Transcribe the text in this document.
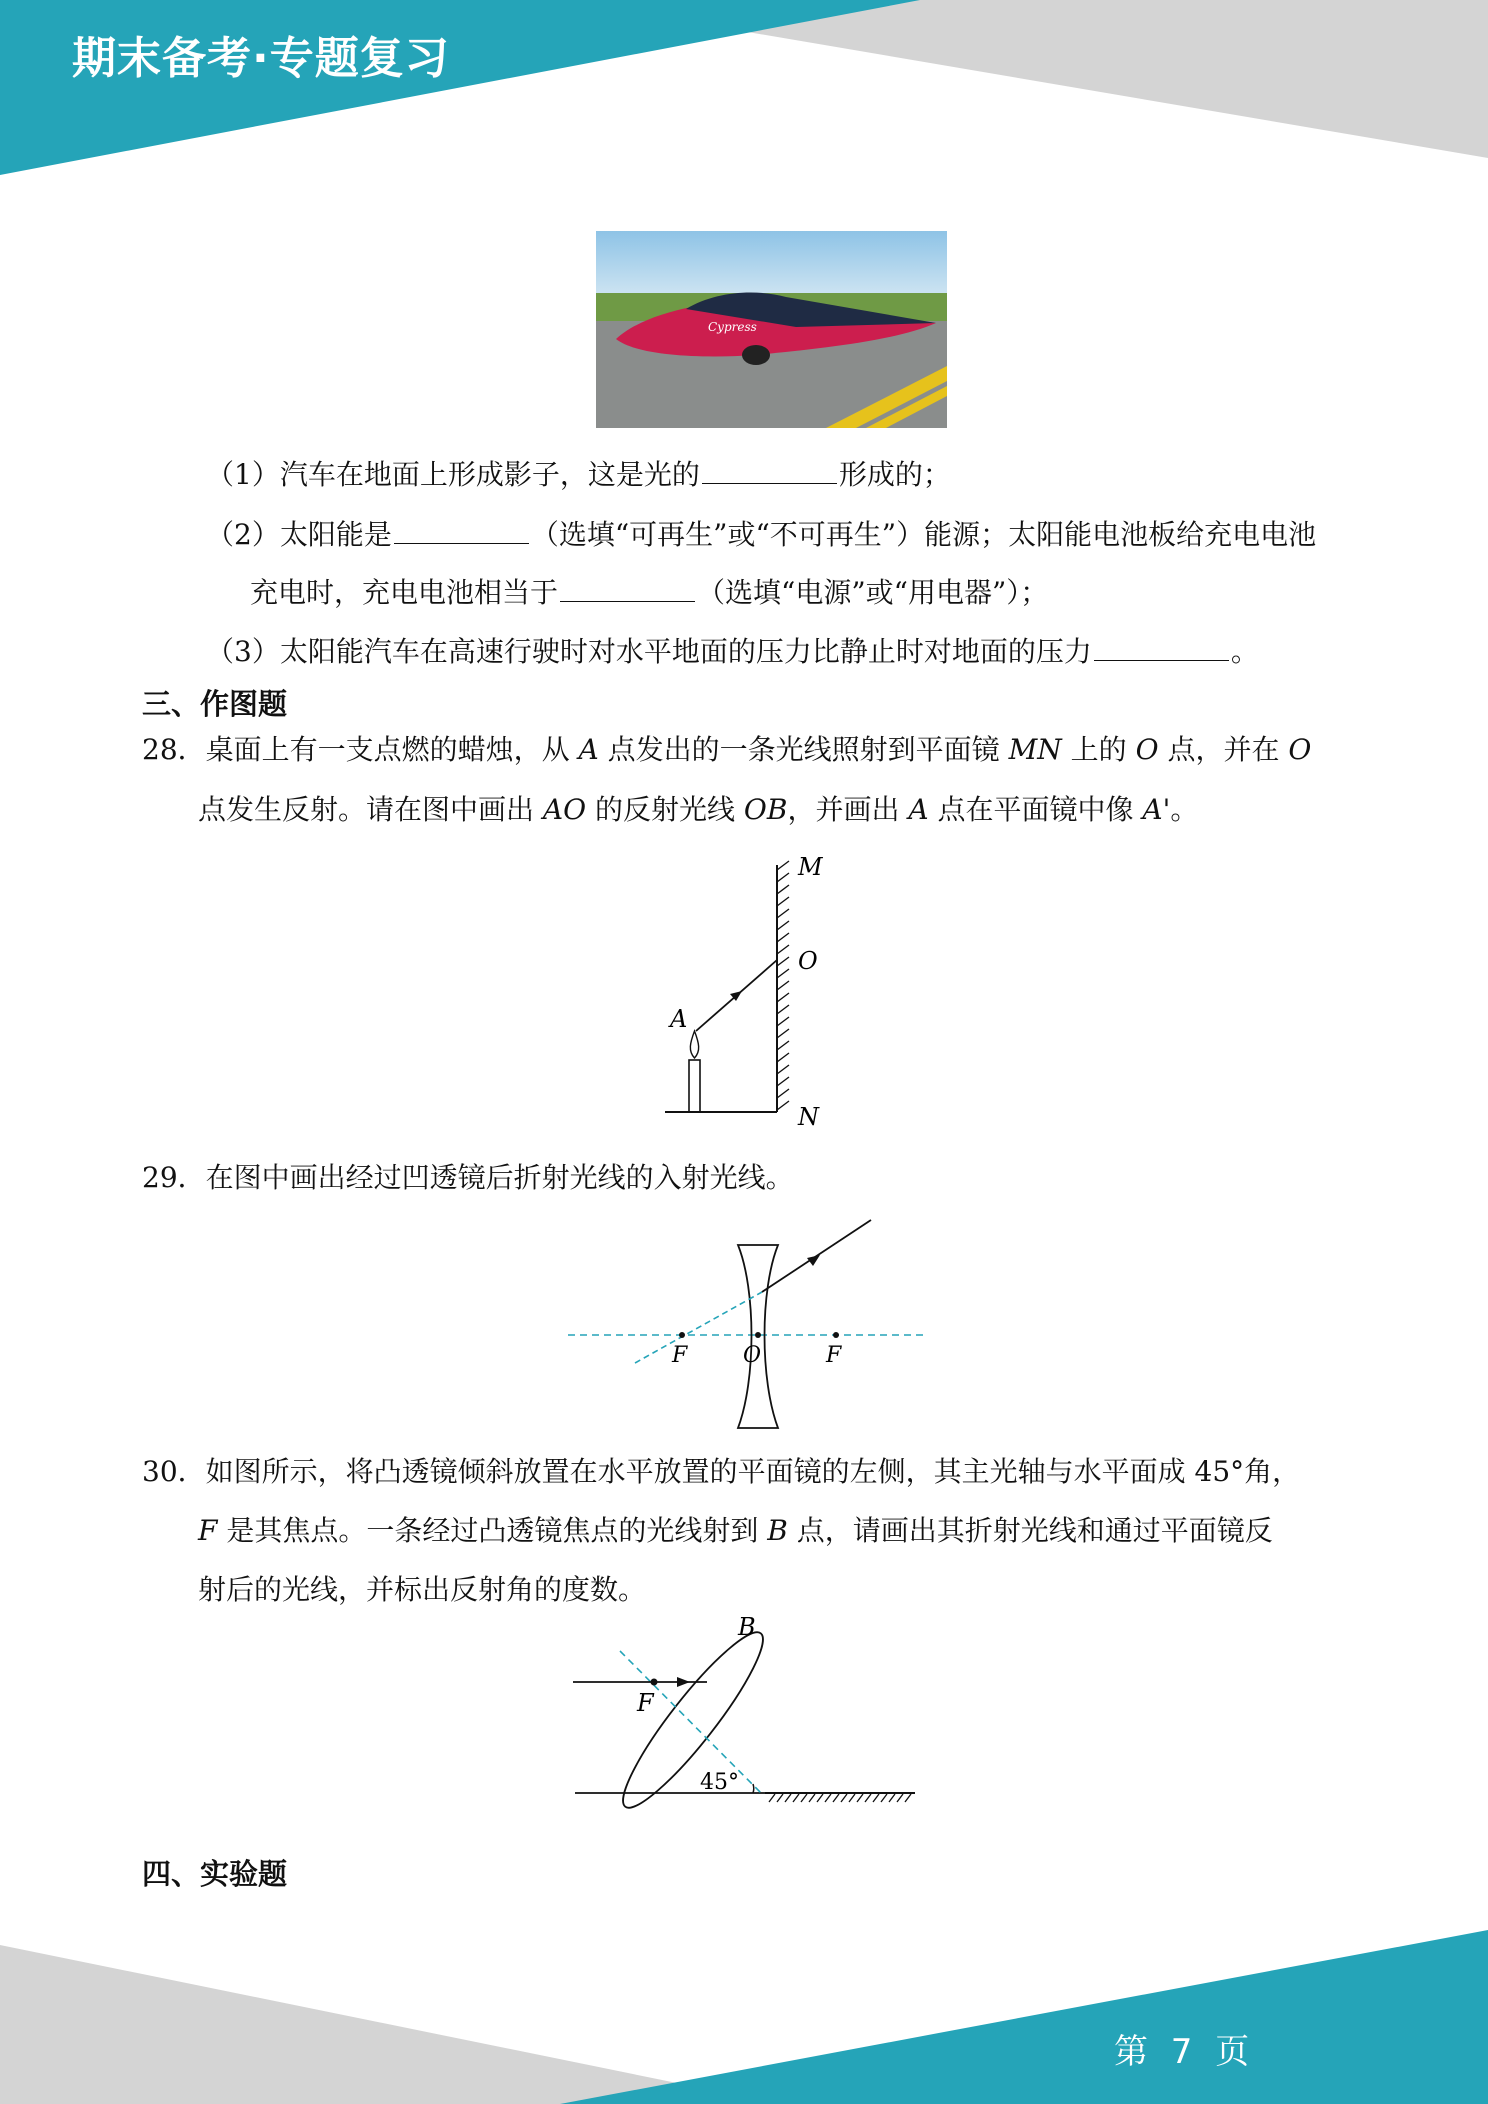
期末备考·专题复习
Cypress
（1）汽车在地面上形成影子，这是光的	形成的；
（2）太阳能是	（选填“可再生”或“不可再生”）能源；太阳能电池板给充电电池
充电时，充电电池相当于	（选填“电源”或“用电器”）；
（3）太阳能汽车在高速行驶时对水平地面的压力比静止时对地面的压力	。
三、作图题
28．桌面上有一支点燃的蜡烛，从 A 点发出的一条光线照射到平面镜 MN 上的 O 点，并在 O
点发生反射。请在图中画出 AO 的反射光线 OB，并画出 A 点在平面镜中像 A'。
M
O
A
N
29．在图中画出经过凹透镜后折射光线的入射光线。
F	O	F
30．如图所示，将凸透镜倾斜放置在水平放置的平面镜的左侧，其主光轴与水平面成 45°角，
F 是其焦点。一条经过凸透镜焦点的光线射到 B 点，请画出其折射光线和通过平面镜反
射后的光线，并标出反射角的度数。
B
F
45°
四、实验题
第 7 页
